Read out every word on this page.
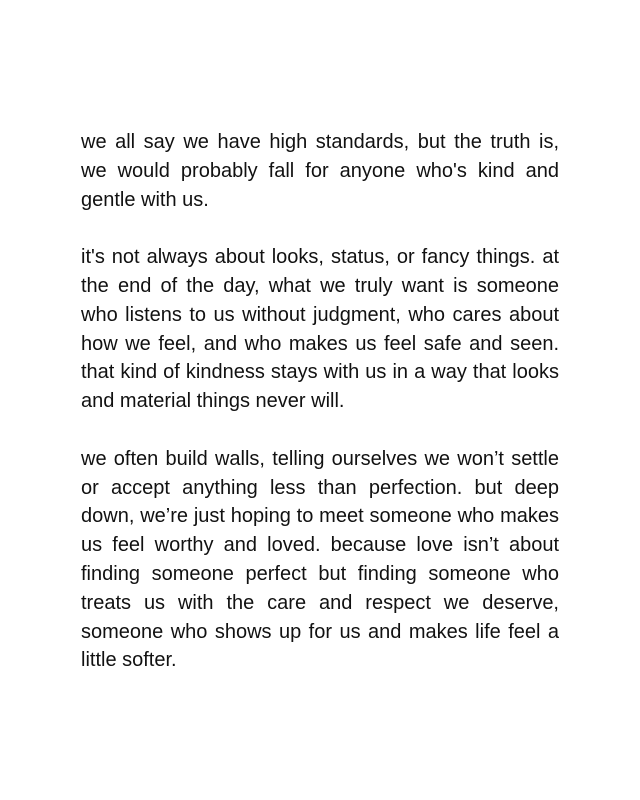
we all say we have high standards, but the truth is, we would probably fall for anyone who's kind and gentle with us.

it's not always about looks, status, or fancy things. at the end of the day, what we truly want is someone who listens to us without judgment, who cares about how we feel, and who makes us feel safe and seen. that kind of kindness stays with us in a way that looks and material things never will.

we often build walls, telling ourselves we won’t settle or accept anything less than perfection. but deep down, we’re just hoping to meet someone who makes us feel worthy and loved. because love isn’t about finding someone perfect but finding someone who treats us with the care and respect we deserve, someone who shows up for us and makes life feel a little softer.
